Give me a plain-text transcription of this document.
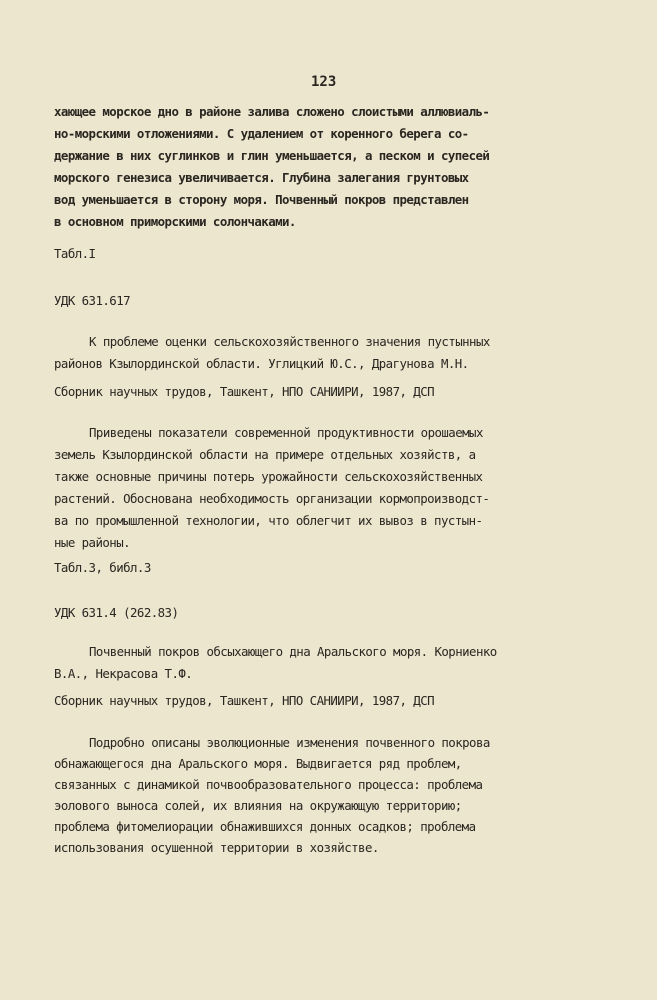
123
хающее морское дно в районе залива сложено слоистыми аллювиаль-
но-морскими отложениями. С удалением от коренного берега со-
держание в них суглинков и глин уменьшается, а песком и супесей
морского генезиса увеличивается. Глубина залегания грунтовых
вод уменьшается в сторону моря. Почвенный покров представлен
в основном приморскими солончаками.
Табл.I
УДК 631.617
К проблеме оценки сельскохозяйственного значения пустынных
районов Кзылординской области. Углицкий Ю.С., Драгунова М.Н.
Сборник научных трудов, Ташкент, НПО САНИИРИ, 1987, ДСП
Приведены показатели современной продуктивности орошаемых
земель Кзылординской области на примере отдельных хозяйств, а
также основные причины потерь урожайности сельскохозяйственных
растений. Обоснована необходимость организации кормопроизводст-
ва по промышленной технологии, что облегчит их вывоз в пустын-
ные районы.
Табл.3, библ.3
УДК 631.4 (262.83)
Почвенный покров обсыхающего дна Аральского моря. Корниенко
В.А., Некрасова Т.Ф.
Сборник научных трудов, Ташкент, НПО САНИИРИ, 1987, ДСП
Подробно описаны эволюционные изменения почвенного покрова
обнажающегося дна Аральского моря. Выдвигается ряд проблем,
связанных с динамикой почвообразовательного процесса: проблема
эолового выноса солей, их влияния на окружающую территорию;
проблема фитомелиорации обнажившихся донных осадков; проблема
использования осушенной территории в хозяйстве.
